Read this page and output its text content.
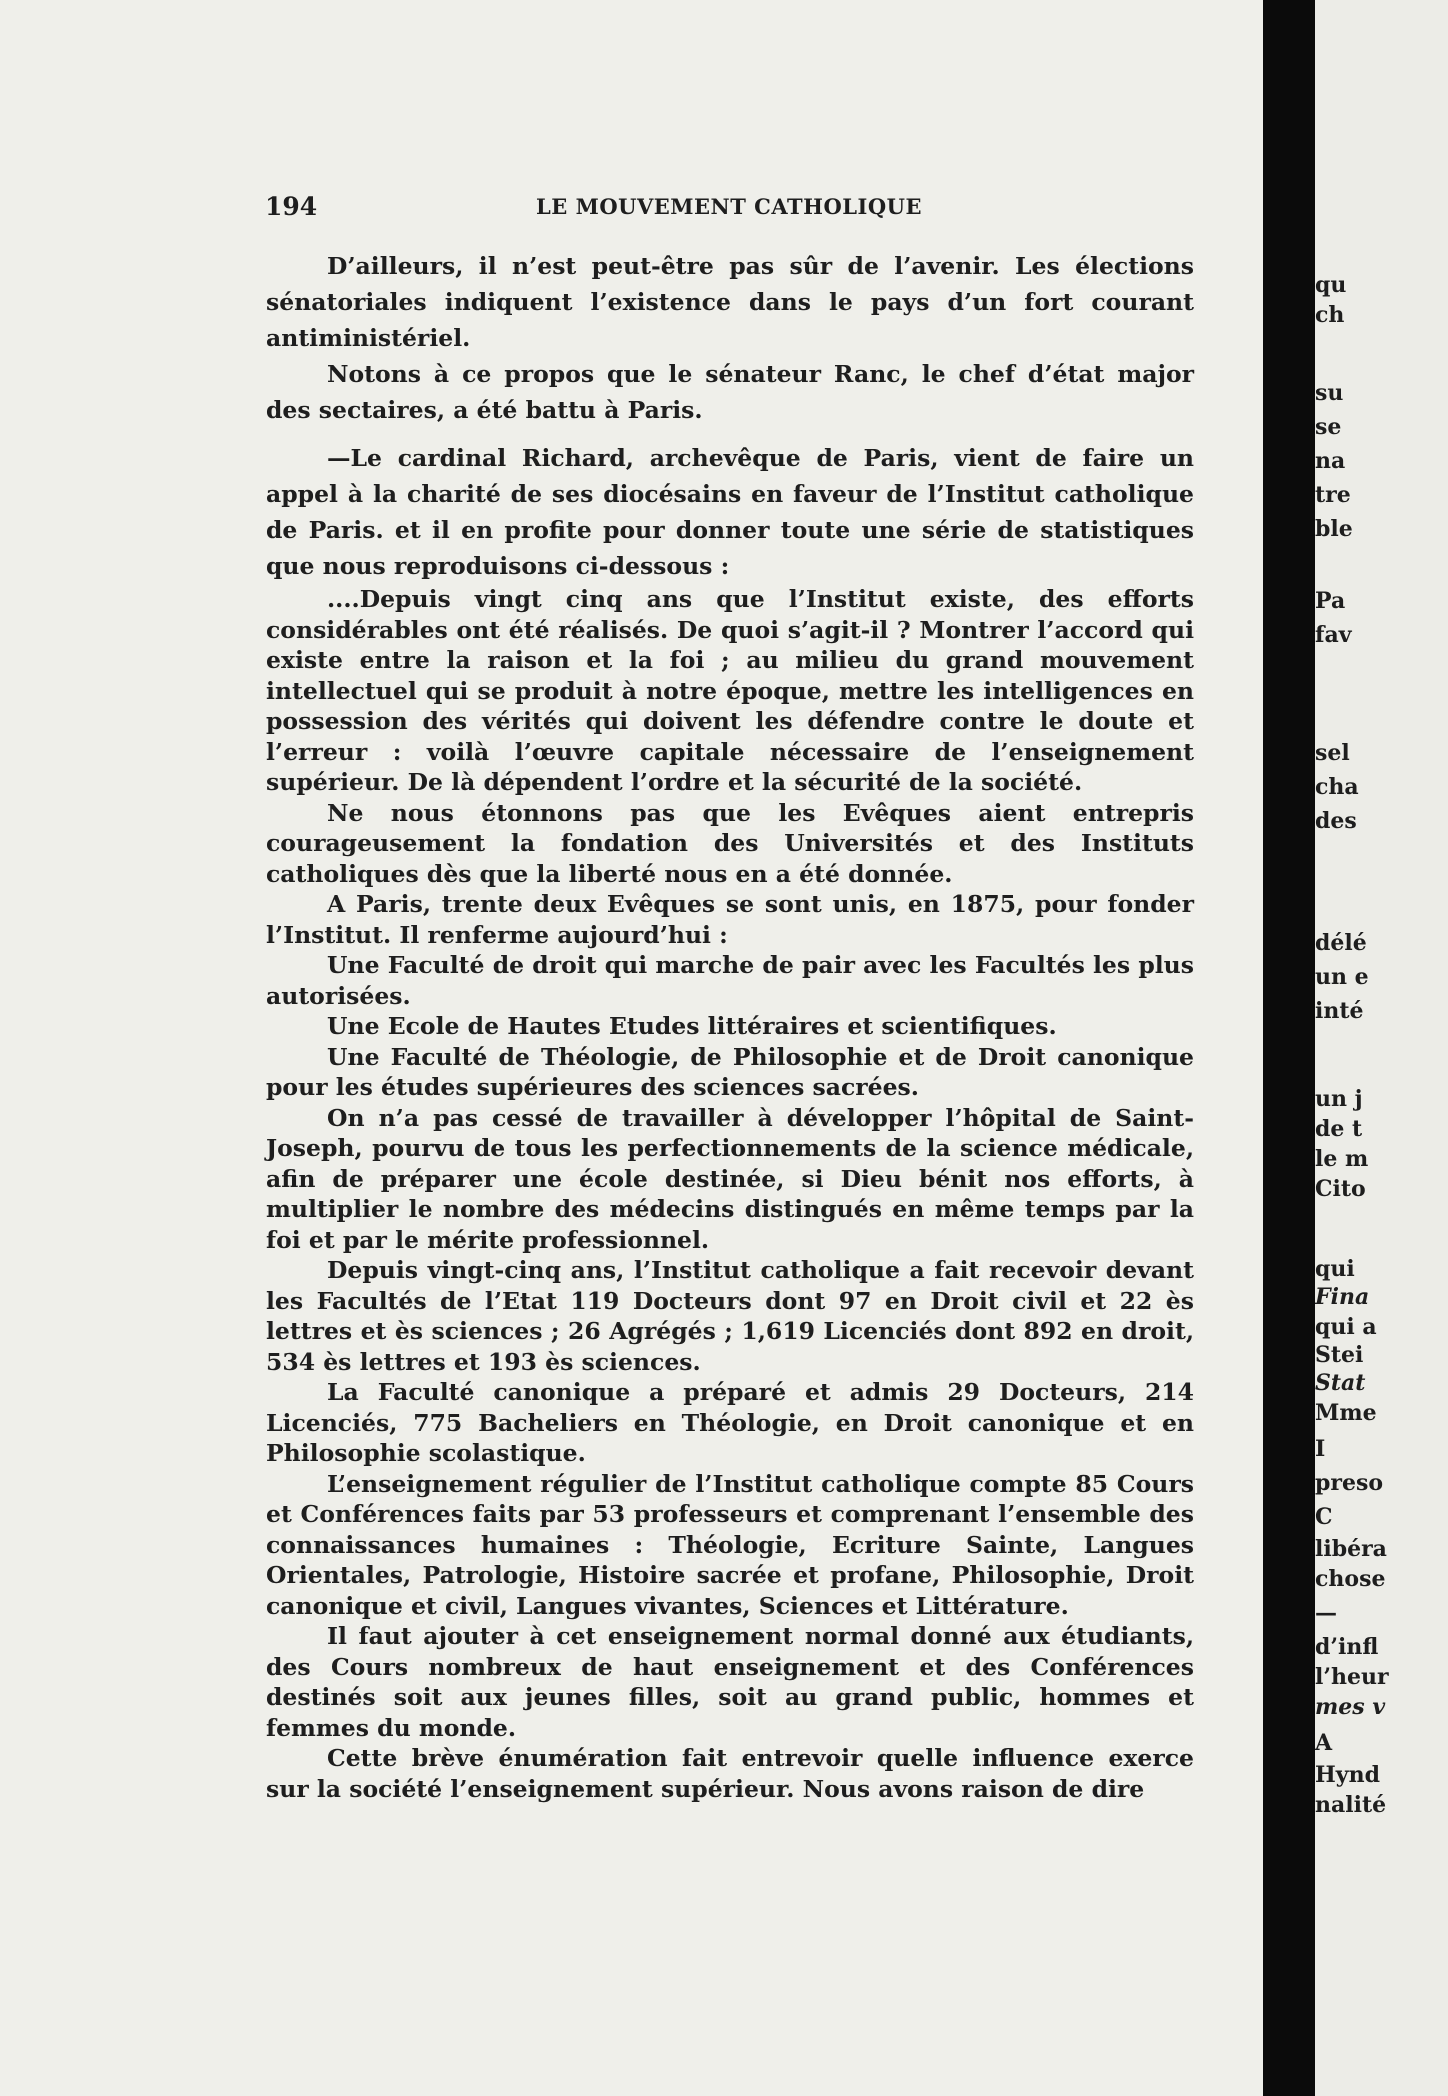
194	LE MOUVEMENT CATHOLIQUE

D’ailleurs, il n’est peut-être pas sûr de l’avenir. Les élections sénatoriales indiquent l’existence dans le pays d’un fort courant antiministériel.

Notons à ce propos que le sénateur Ranc, le chef d’état major des sectaires, a été battu à Paris.

—Le cardinal Richard, archevêque de Paris, vient de faire un appel à la charité de ses diocésains en faveur de l’Institut catholique de Paris. et il en profite pour donner toute une série de statistiques que nous reproduisons ci-dessous :

....Depuis vingt cinq ans que l’Institut existe, des efforts considérables ont été réalisés. De quoi s’agit-il ? Montrer l’accord qui existe entre la raison et la foi ; au milieu du grand mouvement intellectuel qui se produit à notre époque, mettre les intelligences en possession des vérités qui doivent les défendre contre le doute et l’erreur : voilà l’œuvre capitale nécessaire de l’enseignement supérieur. De là dépendent l’ordre et la sécurité de la société.

Ne nous étonnons pas que les Evêques aient entrepris courageusement la fondation des Universités et des Instituts catholiques dès que la liberté nous en a été donnée.

A Paris, trente deux Evêques se sont unis, en 1875, pour fonder l’Institut. Il renferme aujourd’hui :

Une Faculté de droit qui marche de pair avec les Facultés les plus autorisées.

Une Ecole de Hautes Etudes littéraires et scientifiques.

Une Faculté de Théologie, de Philosophie et de Droit canonique pour les études supérieures des sciences sacrées.

On n’a pas cessé de travailler à développer l’hôpital de Saint-Joseph, pourvu de tous les perfectionnements de la science médicale, afin de préparer une école destinée, si Dieu bénit nos efforts, à multiplier le nombre des médecins distingués en même temps par la foi et par le mérite professionnel.

Depuis vingt-cinq ans, l’Institut catholique a fait recevoir devant les Facultés de l’Etat 119 Docteurs dont 97 en Droit civil et 22 ès lettres et ès sciences ; 26 Agrégés ; 1,619 Licenciés dont 892 en droit, 534 ès lettres et 193 ès sciences.

La Faculté canonique a préparé et admis 29 Docteurs, 214 Licenciés, 775 Bacheliers en Théologie, en Droit canonique et en Philosophie scolastique.

L’enseignement régulier de l’Institut catholique compte 85 Cours et Conférences faits par 53 professeurs et comprenant l’ensemble des connaissances humaines : Théologie, Ecriture Sainte, Langues Orientales, Patrologie, Histoire sacrée et profane, Philosophie, Droit canonique et civil, Langues vivantes, Sciences et Littérature.

Il faut ajouter à cet enseignement normal donné aux étudiants, des Cours nombreux de haut enseignement et des Conférences destinés soit aux jeunes filles, soit au grand public, hommes et femmes du monde.

Cette brève énumération fait entrevoir quelle influence exerce sur la société l’enseignement supérieur. Nous avons raison de dire

qu
ch
su
se
na
tre
ble
Pa
fav
sel
cha
des
délé
un e
inté
un j
de t
le m
Cito
qui
Fina
qui a
Stei
Stat
Mme
I
preso
C
libéra
chose
—
d’infl
l’heur
mes v
A
Hynd
nalité
